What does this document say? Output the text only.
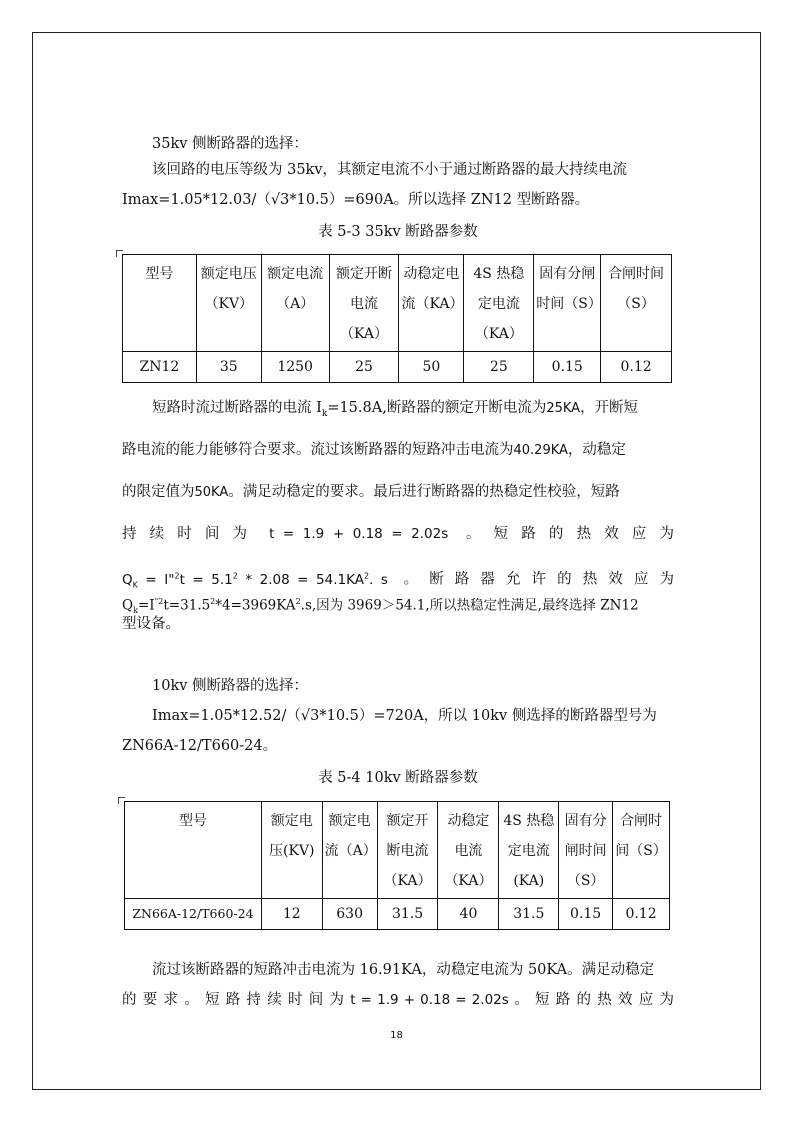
35kv 侧断路器的选择：
该回路的电压等级为 35kv，其额定电流不小于通过断路器的最大持续电流
Imax=1.05*12.03/（√3*10.5）=690A。所以选择 ZN12 型断路器。
表 5-3 35kv 断路器参数
型号	额定电压（KV）	额定电流（A）	额定开断电流（KA）	动稳定电流（KA）	4S 热稳定电流（KA）	固有分闸时间（S）	合闸时间（S）
ZN12	35	1250	25	50	25	0.15	0.12
短路时流过断路器的电流 $I_k=15.8A$,断路器的额定开断电流为25KA，开断短
路电流的能力能够符合要求。流过该断路器的短路冲击电流为40.29KA，动稳定
的限定值为50KA。满足动稳定的要求。最后进行断路器的热稳定性校验，短路
持 续 时 间 为 t = 1.9 + 0.18 = 2.02s 。 短 路 的 热 效 应 为
$Q_K$ = I"$^2$t = $5.1^2 * 2.08 = 54.1KA^2$. s 。 断 路 器 允 许 的 热 效 应 为
$Q_k=I^{"2}t=31.5^2*4=3969KA^2.s$,因为 3969＞54.1,所以热稳定性满足,最终选择 ZN12
型设备。
10kv 侧断路器的选择：
Imax=1.05*12.52/（√3*10.5）=720A，所以 10kv 侧选择的断路器型号为
ZN66A-12/T660-24。
表 5-4 10kv 断路器参数
型号	额定电压(KV)	额定电流（A）	额定开断电流（KA）	动稳定电流（KA）	4S 热稳定电流(KA)	固有分闸时间（S）	合闸时间（S）
ZN66A-12/T660-24	12	630	31.5	40	31.5	0.15	0.12
流过该断路器的短路冲击电流为 16.91KA，动稳定电流为 50KA。满足动稳定
的 要 求 。 短 路 持 续 时 间 为 t = 1.9 + 0.18 = 2.02s 。 短 路 的 热 效 应 为
18
